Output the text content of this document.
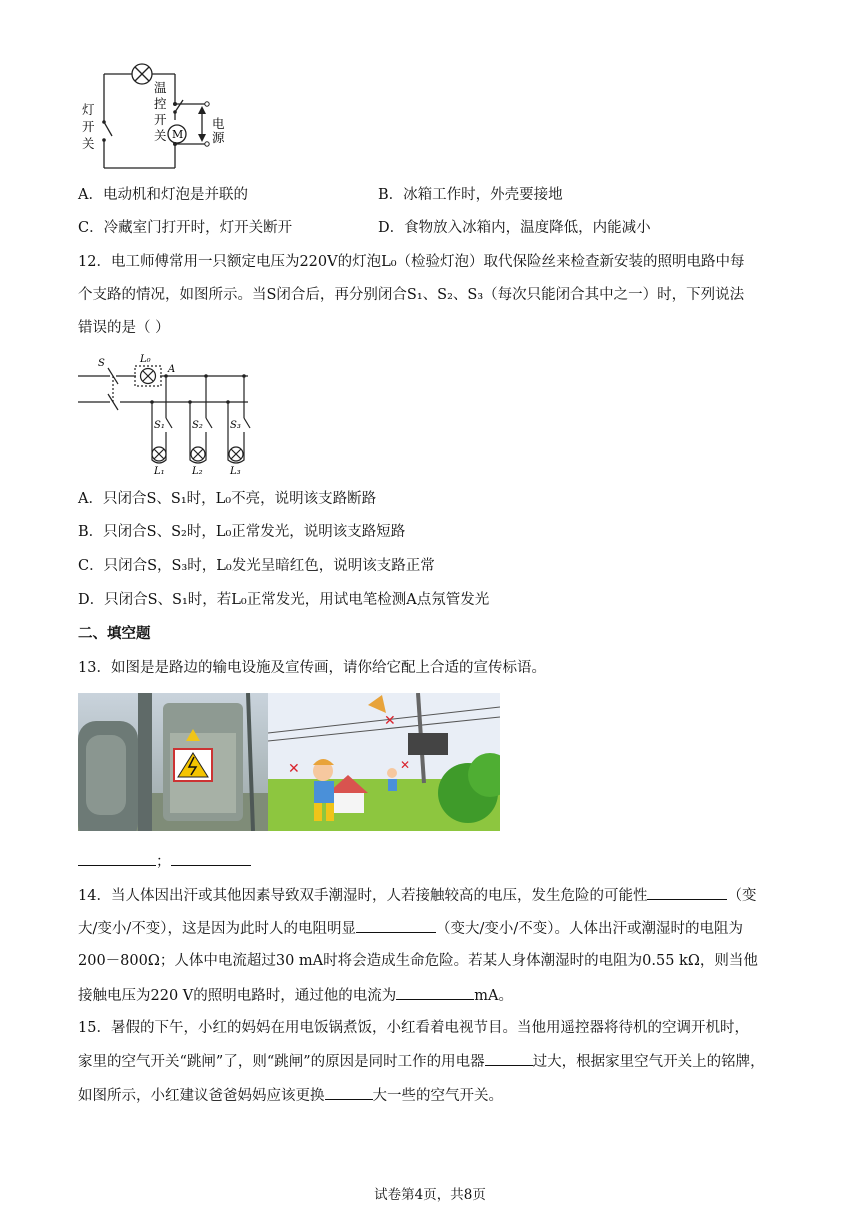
M
灯
开
关
温
控
开
关
电
源
A．电动机和灯泡是并联的	B．冰箱工作时，外壳要接地
C．冷藏室门打开时，灯开关断开	D．食物放入冰箱内，温度降低，内能减小
12．电工师傅常用一只额定电压为220V的灯泡L₀（检验灯泡）取代保险丝来检查新安装的照明电路中每
个支路的情况，如图所示。当S闭合后，再分别闭合S₁、S₂、S₃（每次只能闭合其中之一）时，下列说法
错误的是（ ）
S	L₀
A
S₁	S₂	S₃
L₁	L₂	L₃
A．只闭合S、S₁时，L₀不亮，说明该支路断路
B．只闭合S、S₂时，L₀正常发光，说明该支路短路
C．只闭合S，S₃时，L₀发光呈暗红色，说明该支路正常
D．只闭合S、S₁时，若L₀正常发光，用试电笔检测A点氖管发光
二、填空题
13．如图是是路边的输电设施及宣传画，请你给它配上合适的宣传标语。
✕
✕
✕
；
14．当人体因出汗或其他因素导致双手潮湿时，人若接触较高的电压，发生危险的可能性	（变
大/变小/不变），这是因为此时人的电阻明显	（变大/变小/不变）。人体出汗或潮湿时的电阻为
200－800Ω；人体中电流超过30 mA时将会造成生命危险。若某人身体潮湿时的电阻为0.55 kΩ，则当他
接触电压为220 V的照明电路时，通过他的电流为	mA。
15．暑假的下午，小红的妈妈在用电饭锅煮饭，小红看着电视节目。当他用遥控器将待机的空调开机时，
家里的空气开关“跳闸”了，则“跳闸”的原因是同时工作的用电器	过大，根据家里空气开关上的铭牌，
如图所示，小红建议爸爸妈妈应该更换	大一些的空气开关。
试卷第4页，共8页
